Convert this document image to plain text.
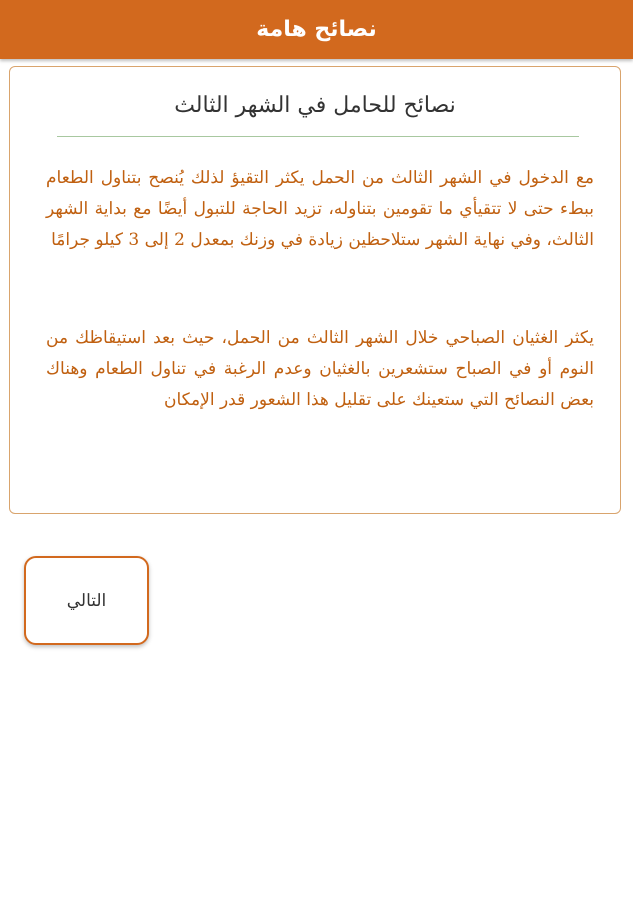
نصائح هامة
نصائح للحامل في الشهر الثالث
مع الدخول في الشهر الثالث من الحمل يكثر التقيؤ لذلك يُنصح بتناول الطعام ببطء حتى لا تتقيأي ما تقومين بتناوله، تزيد الحاجة للتبول أيضًا مع بداية الشهر الثالث، وفي نهاية الشهر ستلاحظين زيادة في وزنك بمعدل 2 إلى 3 كيلو جرامًا
يكثر الغثيان الصباحي خلال الشهر الثالث من الحمل، حيث بعد استيقاظك من النوم أو في الصباح ستشعرين بالغثيان وعدم الرغبة في تناول الطعام وهناك بعض النصائح التي ستعينك على تقليل هذا الشعور قدر الإمكان
التالي
